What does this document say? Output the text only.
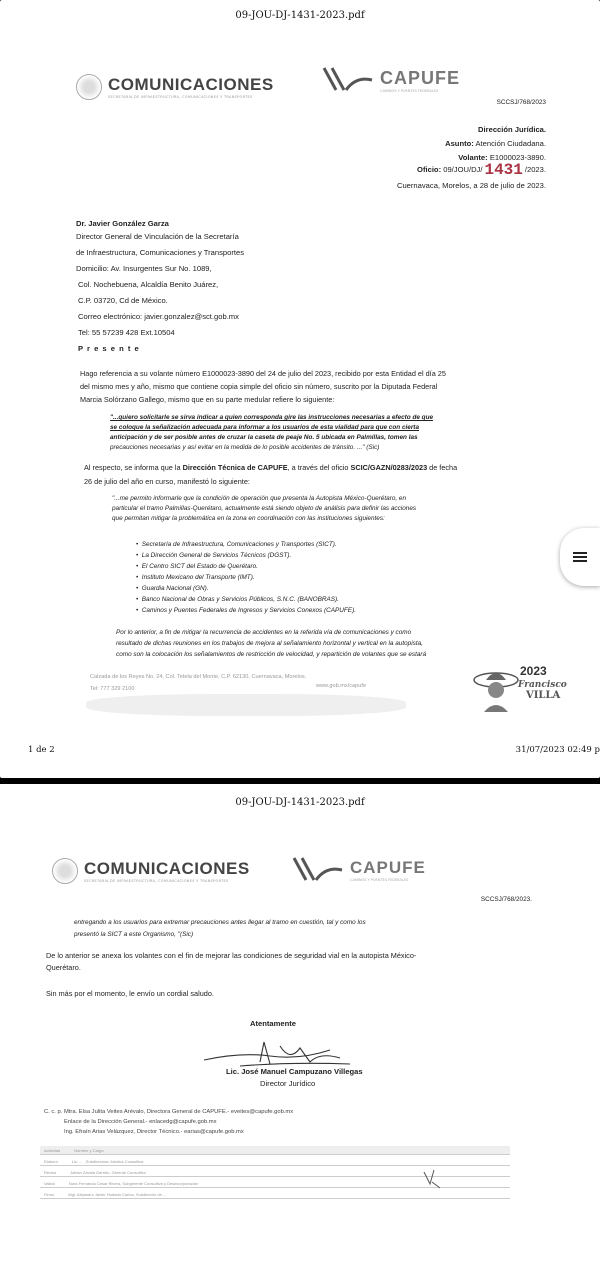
09-JOU-DJ-1431-2023.pdf
COMUNICACIONES
SECRETARÍA DE INFRAESTRUCTURA, COMUNICACIONES Y TRANSPORTES
CAPUFE
CAMINOS Y PUENTES FEDERALES
SCCSJ/768/2023
Dirección Jurídica.
Asunto: Atención Ciudadana.
Volante: E1000023-3890.
Oficio: 09/JOU/DJ/ 1431 /2023.
Cuernavaca, Morelos, a 28 de julio de 2023.
Dr. Javier González Garza
Director General de Vinculación de la Secretaría
de Infraestructura, Comunicaciones y Transportes
Domicilio: Av. Insurgentes Sur No. 1089,
Col. Nochebuena, Alcaldía Benito Juárez,
C.P. 03720, Cd de México.
Correo electrónico: javier.gonzalez@sct.gob.mx
Tel: 55 57239 428 Ext.10504
P r e s e n t e
Hago referencia a su volante número E1000023-3890 del 24 de julio del 2023, recibido por esta Entidad el día 25
del mismo mes y año, mismo que contiene copia simple del oficio sin número, suscrito por la Diputada Federal
Marcia Solórzano Gallego, mismo que en su parte medular refiere lo siguiente:
"...quiero solicitarle se sirva indicar a quien corresponda gire las instrucciones necesarias a efecto de que
se coloque la señalización adecuada para informar a los usuarios de esta vialidad para que con cierta
anticipación y de ser posible antes de cruzar la caseta de peaje No. 5 ubicada en Palmillas, tomen las
precauciones necesarias y así evitar en la medida de lo posible accidentes de tránsito. ..." (Sic)
Al respecto, se informa que la Dirección Técnica de CAPUFE, a través del oficio SCIC/GAZN/0283/2023 de fecha
26 de julio del año en curso, manifestó lo siguiente:
"...me permito informarle que la condición de operación que presenta la Autopista México-Querétaro, en
particular el tramo Palmillas-Querétaro, actualmente está siendo objeto de análisis para definir las acciones
que permitan mitigar la problemática en la zona en coordinación con las instituciones siguientes:
•  Secretaría de Infraestructura, Comunicaciones y Transportes (SICT).
•  La Dirección General de Servicios Técnicos (DGST).
•  El Centro SICT del Estado de Querétaro.
•  Instituto Mexicano del Transporte (IMT).
•  Guardia Nacional (GN).
•  Banco Nacional de Obras y Servicios Públicos, S.N.C. (BANOBRAS).
•  Caminos y Puentes Federales de Ingresos y Servicios Conexos (CAPUFE).
Por lo anterior, a fin de mitigar la recurrencia de accidentes en la referida vía de comunicaciones y como
resultado de dichas reuniones en los trabajos de mejora al señalamiento horizontal y vertical en la autopista,
como son la colocación los señalamientos de restricción de velocidad, y repartición de volantes que se estará
Calzada de los Reyes No. 24, Col. Tetela del Monte, C.P. 62130, Cuernavaca, Morelos.
Tel: 777 329 2100	www.gob.mx/capufe
2023
Francisco
VILLA
1 de 2	31/07/2023 02:49 p
09-JOU-DJ-1431-2023.pdf
COMUNICACIONES
SECRETARÍA DE INFRAESTRUCTURA, COMUNICACIONES Y TRANSPORTES
CAPUFE
CAMINOS Y PUENTES FEDERALES
SCCSJ/768/2023.
entregando a los usuarios para extremar precauciones antes llegar al tramo en cuestión, tal y como los
presentó la SICT a este Organismo, "(Sic)
De lo anterior se anexa los volantes con el fin de mejorar las condiciones de seguridad vial en la autopista México-
Querétaro.
Sin más por el momento, le envío un cordial saludo.
Atentamente
Lic. José Manuel Campuzano Villegas
Director Jurídico
C. c. p. Mtra. Elsa Julita Veites Arévalo, Directora General de CAPUFE.- eveites@capufe.gob.mx
Enlace de la Dirección General.- enlacedg@capufe.gob.mx
Ing. Efraín Arias Velázquez, Director Técnico.- earias@capufe.gob.mx
Actividad	Nombre y Cargo
Elaboró	Lic. ... , Subdirectora Jurídica Consultiva
Revisó	Adrián Zavala Garrido, Gerente Consultivo
Validó	Nora Fernanda Cesar Rivera, Subgerente Consultiva y Desincorporación
Firmó	Mgt. Alejandro Javier Hurtado Carlos, Subdirector de ...
